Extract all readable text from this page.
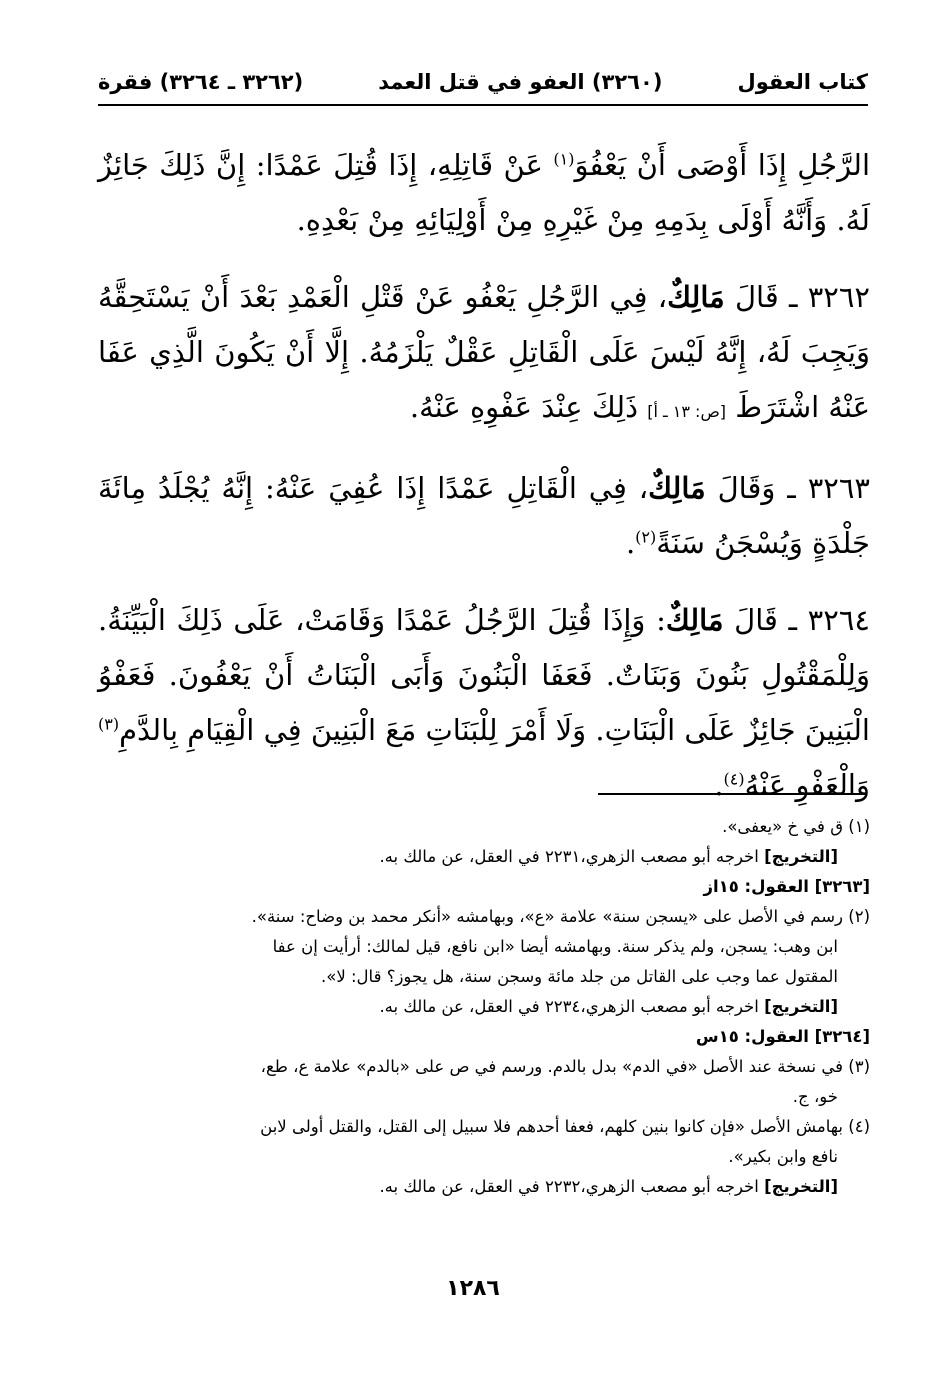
كتاب العقول
(٣٢٦٠) العفو في قتل العمد
(٣٢٦٢ ـ ٣٢٦٤) فقرة

الرَّجُلِ إِذَا أَوْصَى أَنْ يَعْفُوَ$^{(١)}$ عَنْ قَاتِلِهِ، إِذَا قُتِلَ عَمْدًا: إِنَّ ذَلِكَ جَائِزٌ لَهُ. وَأَنَّهُ أَوْلَى بِدَمِهِ مِنْ غَيْرِهِ مِنْ أَوْلِيَائِهِ مِنْ بَعْدِهِ.

٣٢٦٢ ـ قَالَ مَالِكٌ، فِي الرَّجُلِ يَعْفُو عَنْ قَتْلِ الْعَمْدِ بَعْدَ أَنْ يَسْتَحِقَّهُ وَيَجِبَ لَهُ، إِنَّهُ لَيْسَ عَلَى الْقَاتِلِ عَقْلٌ يَلْزَمُهُ. إِلَّا أَنْ يَكُونَ الَّذِي عَفَا عَنْهُ اشْتَرَطَ [ص: ١٣ ـ أ] ذَلِكَ عِنْدَ عَفْوِهِ عَنْهُ.

٣٢٦٣ ـ وَقَالَ مَالِكٌ، فِي الْقَاتِلِ عَمْدًا إِذَا عُفِيَ عَنْهُ: إِنَّهُ يُجْلَدُ مِائَةَ جَلْدَةٍ وَيُسْجَنُ سَنَةً$^{(٢)}$.

٣٢٦٤ ـ قَالَ مَالِكٌ: وَإِذَا قُتِلَ الرَّجُلُ عَمْدًا وَقَامَتْ، عَلَى ذَلِكَ الْبَيِّنَةُ. وَلِلْمَقْتُولِ بَنُونَ وَبَنَاتٌ. فَعَفَا الْبَنُونَ وَأَبَى الْبَنَاتُ أَنْ يَعْفُونَ. فَعَفْوُ الْبَنِينَ جَائِزٌ عَلَى الْبَنَاتِ. وَلَا أَمْرَ لِلْبَنَاتِ مَعَ الْبَنِينَ فِي الْقِيَامِ بِالدَّمِ$^{(٣)}$ وَالْعَفْوِ عَنْهُ$^{(٤)}$.

(١) ق في خ «يعفى».

[التخريج] اخرجه أبو مصعب الزهري،٢٢٣١ في العقل، عن مالك به.

[٣٢٦٣] العقول: ١٥از

(٢) رسم في الأصل على «يسجن سنة» علامة «ع»، وبهامشه «أنكر محمد بن وضاح: سنة».

ابن وهب: يسجن، ولم يذكر سنة. وبهامشه أيضا «ابن نافع، قيل لمالك: أرأيت إن عفا

المقتول عما وجب على القاتل من جلد مائة وسجن سنة، هل يجوز؟ قال: لا».

[التخريج] اخرجه أبو مصعب الزهري،٢٢٣٤ في العقل، عن مالك به.

[٣٢٦٤] العقول: ١٥س

(٣) في نسخة عند الأصل «في الدم» بدل بالدم. ورسم في ص على «بالدم» علامة ع، طع،

خو، ج.

(٤) بهامش الأصل «فإن كانوا بنين كلهم، فعفا أحدهم فلا سبيل إلى القتل، والقتل أولى لابن

نافع وابن بكير».

[التخريج] اخرجه أبو مصعب الزهري،٢٢٣٢ في العقل، عن مالك به.

١٢٨٦
